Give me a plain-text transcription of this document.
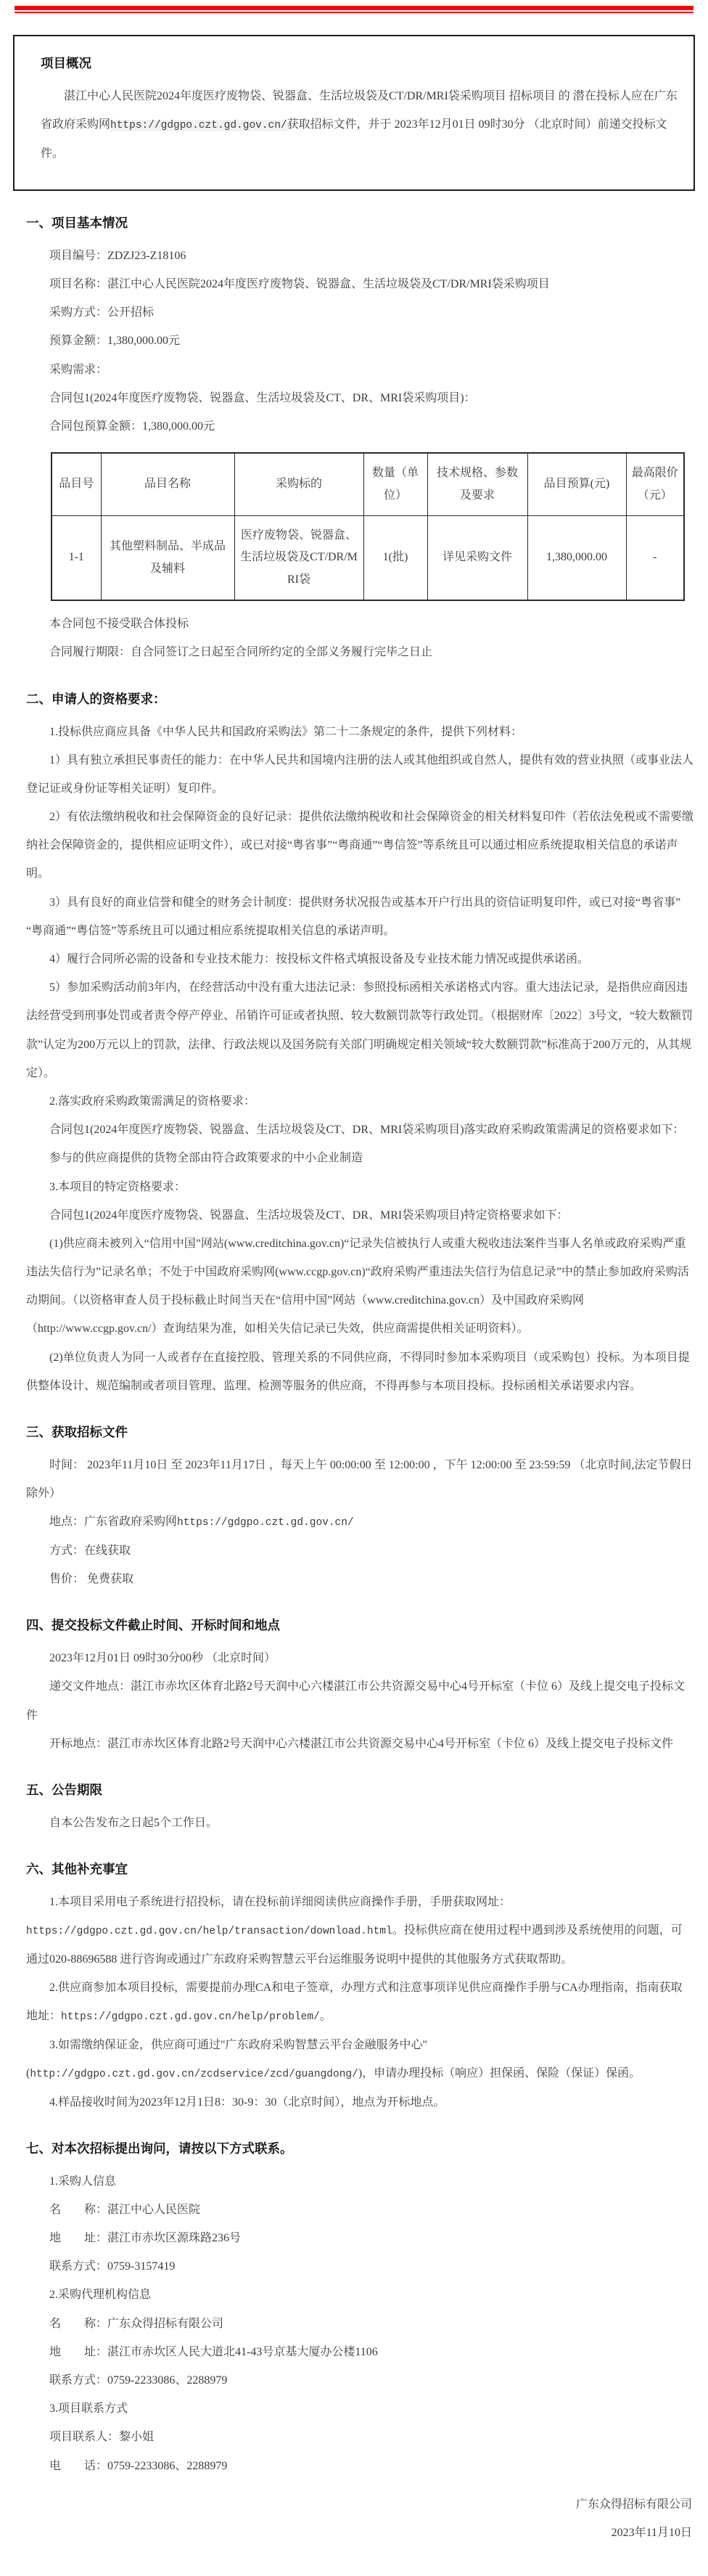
项目概况

湛江中心人民医院2024年度医疗废物袋、锐器盒、生活垃圾袋及CT/DR/MRI袋采购项目 招标项目 的 潜在投标人应在广东省政府采购网https://gdgpo.czt.gd.gov.cn/获取招标文件，并于 2023年12月01日 09时30分 （北京时间）前递交投标文件。

一、项目基本情况

项目编号：ZDZJ23-Z18106

项目名称：湛江中心人民医院2024年度医疗废物袋、锐器盒、生活垃圾袋及CT/DR/MRI袋采购项目

采购方式：公开招标

预算金额：1,380,000.00元

采购需求：

合同包1(2024年度医疗废物袋、锐器盒、生活垃圾袋及CT、DR、MRI袋采购项目)：

合同包预算金额：1,380,000.00元

品目号	品目名称	采购标的	数量（单位）	技术规格、参数及要求	品目预算(元)	最高限价（元）
1-1	其他塑料制品、半成品及辅料	医疗废物袋、锐器盒、生活垃圾袋及CT/DR/MRI袋	1(批)	详见采购文件	1,380,000.00	-

本合同包不接受联合体投标

合同履行期限：自合同签订之日起至合同所约定的全部义务履行完毕之日止

二、申请人的资格要求：

1.投标供应商应具备《中华人民共和国政府采购法》第二十二条规定的条件，提供下列材料：

1）具有独立承担民事责任的能力：在中华人民共和国境内注册的法人或其他组织或自然人，提供有效的营业执照（或事业法人登记证或身份证等相关证明）复印件。

2）有依法缴纳税收和社会保障资金的良好记录：提供依法缴纳税收和社会保障资金的相关材料复印件（若依法免税或不需要缴纳社会保障资金的，提供相应证明文件），或已对接“粤省事”“粤商通”“粤信签”等系统且可以通过相应系统提取相关信息的承诺声明。

3）具有良好的商业信誉和健全的财务会计制度：提供财务状况报告或基本开户行出具的资信证明复印件，或已对接“粤省事”“粤商通”“粤信签”等系统且可以通过相应系统提取相关信息的承诺声明。

4）履行合同所必需的设备和专业技术能力：按投标文件格式填报设备及专业技术能力情况或提供承诺函。

5）参加采购活动前3年内，在经营活动中没有重大违法记录：参照投标函相关承诺格式内容。重大违法记录，是指供应商因违法经营受到刑事处罚或者责令停产停业、吊销许可证或者执照、较大数额罚款等行政处罚。（根据财库〔2022〕3号文，“较大数额罚款”认定为200万元以上的罚款，法律、行政法规以及国务院有关部门明确规定相关领域“较大数额罚款”标准高于200万元的，从其规定）。

2.落实政府采购政策需满足的资格要求：

合同包1(2024年度医疗废物袋、锐器盒、生活垃圾袋及CT、DR、MRI袋采购项目)落实政府采购政策需满足的资格要求如下：

参与的供应商提供的货物全部由符合政策要求的中小企业制造

3.本项目的特定资格要求：

合同包1(2024年度医疗废物袋、锐器盒、生活垃圾袋及CT、DR、MRI袋采购项目)特定资格要求如下：

(1)供应商未被列入“信用中国”网站(www.creditchina.gov.cn)“记录失信被执行人或重大税收违法案件当事人名单或政府采购严重违法失信行为”记录名单；不处于中国政府采购网(www.ccgp.gov.cn)“政府采购严重违法失信行为信息记录”中的禁止参加政府采购活动期间。（以资格审查人员于投标截止时间当天在“信用中国”网站（www.creditchina.gov.cn）及中国政府采购网（http://www.ccgp.gov.cn/）查询结果为准，如相关失信记录已失效，供应商需提供相关证明资料）。

(2)单位负责人为同一人或者存在直接控股、管理关系的不同供应商，不得同时参加本采购项目（或采购包）投标。为本项目提供整体设计、规范编制或者项目管理、监理、检测等服务的供应商，不得再参与本项目投标。投标函相关承诺要求内容。

三、获取招标文件

时间： 2023年11月10日 至 2023年11月17日 ，每天上午 00:00:00 至 12:00:00 ，下午 12:00:00 至 23:59:59 （北京时间,法定节假日除外）

地点：广东省政府采购网https://gdgpo.czt.gd.gov.cn/

方式：在线获取

售价： 免费获取

四、提交投标文件截止时间、开标时间和地点

2023年12月01日 09时30分00秒 （北京时间）

递交文件地点：湛江市赤坎区体育北路2号天润中心六楼湛江市公共资源交易中心4号开标室（卡位 6）及线上提交电子投标文件

开标地点：湛江市赤坎区体育北路2号天润中心六楼湛江市公共资源交易中心4号开标室（卡位 6）及线上提交电子投标文件

五、公告期限

自本公告发布之日起5个工作日。

六、其他补充事宜

1.本项目采用电子系统进行招投标，请在投标前详细阅读供应商操作手册，手册获取网址：https://gdgpo.czt.gd.gov.cn/help/transaction/download.html。投标供应商在使用过程中遇到涉及系统使用的问题，可通过020-88696588 进行咨询或通过广东政府采购智慧云平台运维服务说明中提供的其他服务方式获取帮助。

2.供应商参加本项目投标，需要提前办理CA和电子签章，办理方式和注意事项详见供应商操作手册与CA办理指南，指南获取地址：https://gdgpo.czt.gd.gov.cn/help/problem/。

3.如需缴纳保证金，供应商可通过"广东政府采购智慧云平台金融服务中心"(http://gdgpo.czt.gd.gov.cn/zcdservice/zcd/guangdong/)，申请办理投标（响应）担保函、保险（保证）保函。

4.样品接收时间为2023年12月1日8：30-9：30（北京时间），地点为开标地点。

七、对本次招标提出询问，请按以下方式联系。

1.采购人信息

名　　称：湛江中心人民医院

地　　址：湛江市赤坎区源珠路236号

联系方式：0759-3157419

2.采购代理机构信息

名　　称：广东众得招标有限公司

地　　址：湛江市赤坎区人民大道北41-43号京基大厦办公楼1106

联系方式：0759-2233086、2288979

3.项目联系方式

项目联系人：黎小姐

电　　话：0759-2233086、2288979

广东众得招标有限公司
2023年11月10日
